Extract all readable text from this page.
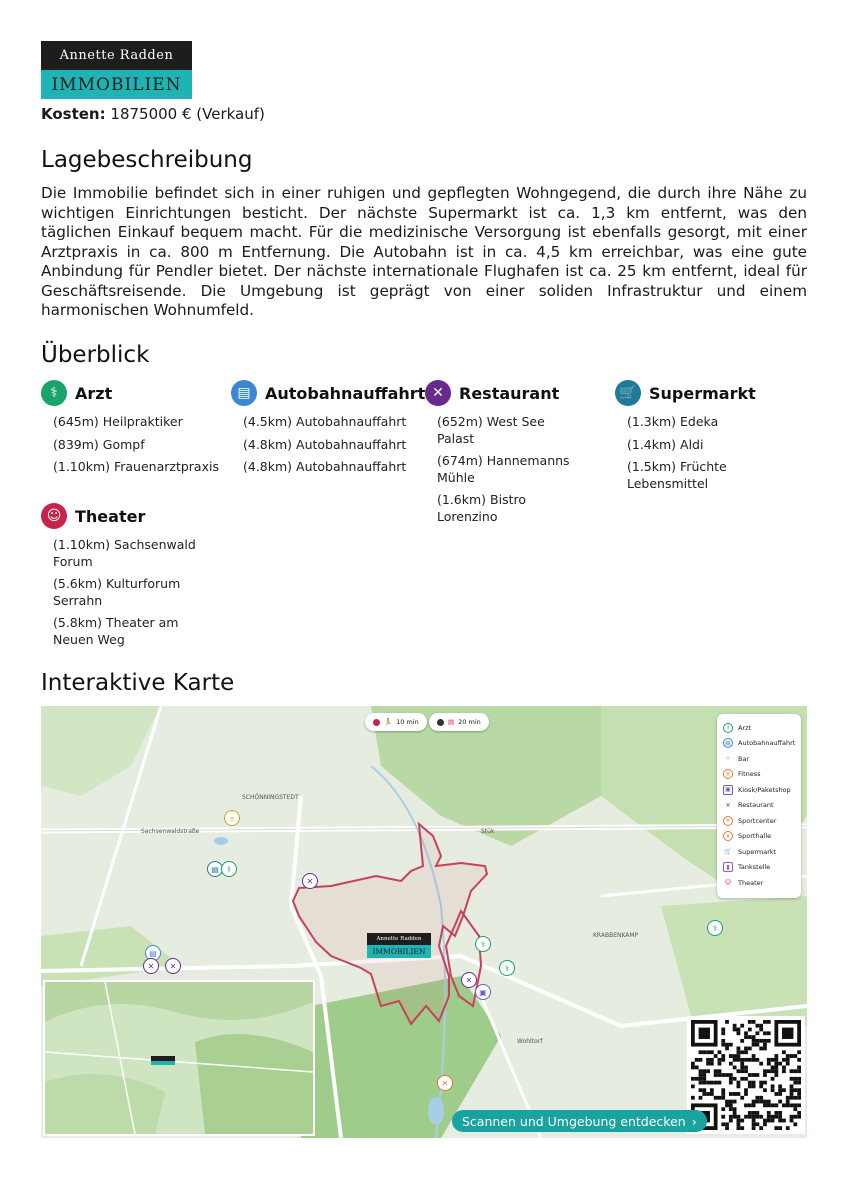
Annette Radden
IMMOBILIEN
Kosten: 1875000 € (Verkauf)
Lagebeschreibung

Die Immobilie befindet sich in einer ruhigen und gepflegten Wohngegend, die durch ihre Nähe zu wichtigen Einrichtungen besticht. Der nächste Supermarkt ist ca. 1,3 km entfernt, was den täglichen Einkauf bequem macht. Für die medizinische Versorgung ist ebenfalls gesorgt, mit einer Arztpraxis in ca. 800 m Entfernung. Die Autobahn ist in ca. 4,5 km erreichbar, was eine gute Anbindung für Pendler bietet. Der nächste internationale Flughafen ist ca. 25 km entfernt, ideal für Geschäftsreisende. Die Umgebung ist geprägt von einer soliden Infrastruktur und einem harmonischen Wohnumfeld.

Überblick
⚕	Arzt
(645m) Heilpraktiker
(839m) Gompf
(1.10km) Frauenarztpraxis
▤ Autobahnauffahrt
(4.5km) Autobahnauffahrt
(4.8km) Autobahnauffahrt
(4.8km) Autobahnauffahrt
✕ Restaurant
(652m) West See Palast
(674m) Hannemanns Mühle
(1.6km) Bistro Lorenzino
🛒 Supermarkt
(1.3km) Edeka
(1.4km) Aldi
(1.5km) Früchte Lebensmittel
☺ Theater
(1.10km) Sachsenwald Forum
(5.6km) Kulturforum Serrahn
(5.8km) Theater am Neuen Weg
Interaktive Karte
SCHÖNNINGSTEDT
KRABBENKAMP
Wohltorf
Stük
Sachsenwaldstraße
🏃 10 min	▤ 20 min
⚕	Arzt
▤	Autobahnauffahrt
▿	Bar
✕	Fitness
▣	Kiosk/Paketshop
✕	Restaurant
✕	Sportcenter
✕	Sporthalle
🛒 Supermarkt
▮	Tankstelle
☺ Theater
▿
▤	⚕
✕
⚕
⚕
✕
▣
✕
⚕
▤
✕	✕
Annette Radden
IMMOBILIEN
Scannen und Umgebung entdecken ›
